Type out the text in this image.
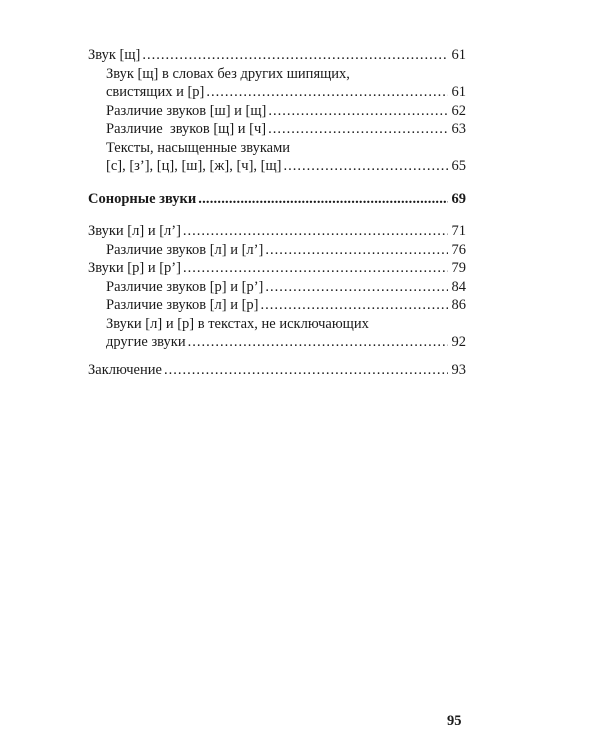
Звук [щ] .....	61
Звук [щ] в словах без других шипящих,
свистящих и [р] .....	61
Различие звуков [ш] и [щ] .....	62
Различие  звуков [щ] и [ч] .....	63
Тексты, насыщенные звуками
[с], [з’], [ц], [ш], [ж], [ч], [щ] .....	65
Сонорные звуки .....	69
Звуки [л] и [л’] .....	71
Различие звуков [л] и [л’] .....	76
Звуки [р] и [р’] .....	79
Различие звуков [р] и [р’] .....	84
Различие звуков [л] и [р] .....	86
Звуки [л] и [р] в текстах, не исключающих
другие звуки .....	92
Заключение .....	93
95
